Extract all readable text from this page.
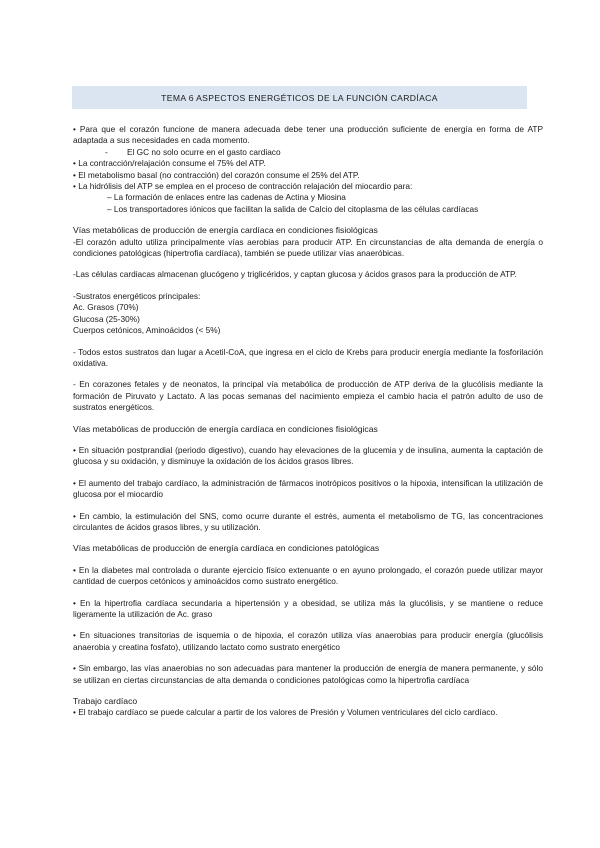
TEMA 6 ASPECTOS ENERGÉTICOS DE LA FUNCIÓN CARDÍACA

• Para que el corazón funcione de manera adecuada debe tener una producción suficiente de energía en forma de ATP adaptada a sus necesidades en cada momento.

- El GC no solo ocurre en el gasto cardiaco

• La contracción/relajación consume el 75% del ATP.

• El metabolismo basal (no contracción) del corazón consume el 25% del ATP.

• La hidrólisis del ATP se emplea en el proceso de contracción relajación del miocardio para:

– La formación de enlaces entre las cadenas de Actina y Miosina

– Los transportadores iónicos que facilitan la salida de Calcio del citoplasma de las células cardíacas

Vías metabólicas de producción de energía cardíaca en condiciones fisiológicas

-El corazón adulto utiliza principalmente vías aerobias para producir ATP. En circunstancias de alta demanda de energía o condiciones patológicas (hipertrofia cardíaca), también se puede utilizar vías anaeróbicas.

-Las células cardiacas almacenan glucógeno y triglicéridos, y captan glucosa y ácidos grasos para la producción de ATP.

-Sustratos energéticos principales:

Ac. Grasos (70%)

Glucosa (25-30%)

Cuerpos cetónicos, Aminoácidos (< 5%)

- Todos estos sustratos dan lugar a Acetil-CoA, que ingresa en el ciclo de Krebs para producir energía mediante la fosforilación oxidativa.

- En corazones fetales y de neonatos, la principal vía metabólica de producción de ATP deriva de la glucólisis mediante la formación de Piruvato y Lactato. A las pocas semanas del nacimiento empieza el cambio hacia el patrón adulto de uso de sustratos energéticos.

Vías metabólicas de producción de energía cardíaca en condiciones fisiológicas

• En situación postprandial (periodo digestivo), cuando hay elevaciones de la glucemia y de insulina, aumenta la captación de glucosa y su oxidación, y disminuye la oxidación de los ácidos grasos libres.

• El aumento del trabajo cardíaco, la administración de fármacos inotrópicos positivos o la hipoxia, intensifican la utilización de glucosa por el miocardio

• En cambio, la estimulación del SNS, como ocurre durante el estrés, aumenta el metabolismo de TG, las concentraciones circulantes de ácidos grasos libres, y su utilización.

Vías metabólicas de producción de energía cardíaca en condiciones patológicas

• En la diabetes mal controlada o durante ejercicio físico extenuante o en ayuno prolongado, el corazón puede utilizar mayor cantidad de cuerpos cetónicos y aminoácidos como sustrato energético.

• En la hipertrofia cardíaca secundaria a hipertensión y a obesidad, se utiliza más la glucólisis, y se mantiene o reduce ligeramente la utilización de Ac. graso

• En situaciones transitorias de isquemia o de hipoxia, el corazón utiliza vías anaerobias para producir energía (glucólisis anaerobia y creatina fosfato), utilizando lactato como sustrato energético

• Sin embargo, las vías anaerobias no son adecuadas para mantener la producción de energía de manera permanente, y sólo se utilizan en ciertas circunstancias de alta demanda o condiciones patológicas como la hipertrofia cardíaca

Trabajo cardíaco

• El trabajo cardíaco se puede calcular a partir de los valores de Presión y Volumen ventriculares del ciclo cardíaco.
